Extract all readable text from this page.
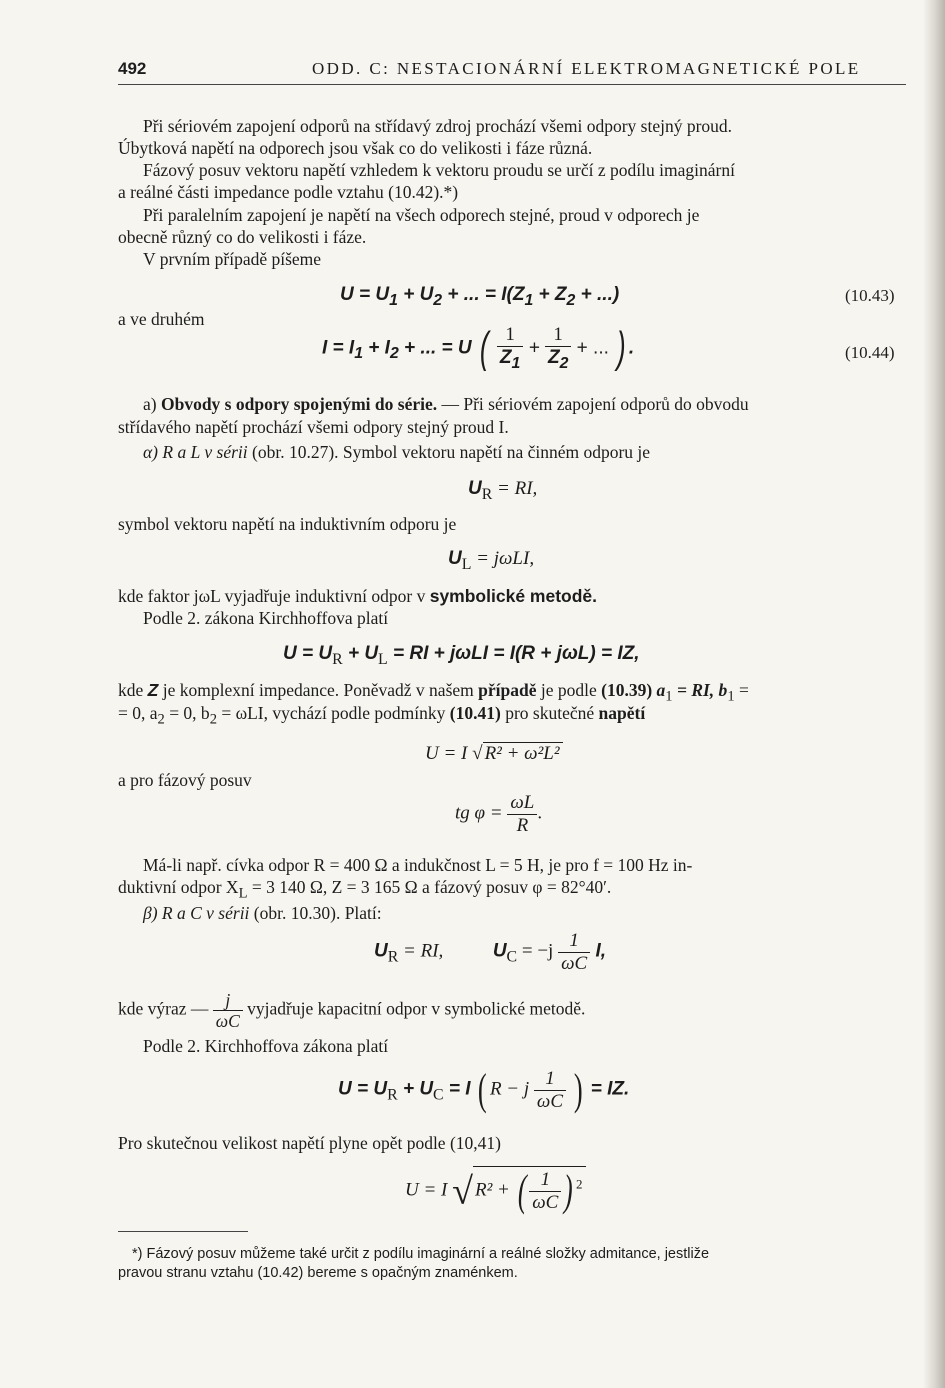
492	ODD. C: NESTACIONÁRNÍ ELEKTROMAGNETICKÉ POLE
Při sériovém zapojení odporů na střídavý zdroj prochází všemi odpory stejný proud.
Úbytková napětí na odporech jsou však co do velikosti i fáze různá.
Fázový posuv vektoru napětí vzhledem k vektoru proudu se určí z podílu imaginární
a reálné části impedance podle vztahu (10.42).*)
Při paralelním zapojení je napětí na všech odporech stejné, proud v odporech je
obecně různý co do velikosti i fáze.
V prvním případě píšeme
$U = U_1 + U_2$ + ... = $I(Z_1 + Z_2$ + ...)	(10.43)
a ve druhém
$I = I_1 + I_2$ + ... = U ( $\frac{1}{Z_1} + \frac{1}{Z_2}$ + ... ) .	(10.44)
a) Obvody s odpory spojenými do série. — Při sériovém zapojení odporů do obvodu
střídavého napětí prochází všemi odpory stejný proud I.
α) R a L v sérii (obr. 10.27). Symbol vektoru napětí na činném odporu je
$U_R$ = RI,
symbol vektoru napětí na induktivním odporu je
$U_L = j\omega LI$,
kde faktor jωL vyjadřuje induktivní odpor v symbolické metodě.
Podle 2. zákona Kirchhoffova platí
$U = U_R + U_L$ = RI + jωLI = I(R + jωL) = IZ,
kde Z je komplexní impedance. Poněvadž v našem případě je podle (10.39) $a_1$ = RI, $b_1$ =
= 0, $a_2 = 0$, $b_2 = \omega LI$, vychází podle podmínky (10.41) pro skutečné napětí
U = I √ R² + ω²L²
a pro fázový posuv
tg $\varphi = \frac{\omega L}{R}$ .
Má-li např. cívka odpor R = 400 Ω a indukčnost L = 5 H, je pro f = 100 Hz in-
duktivní odpor $X_L = 3$ 140 Ω, Z = 3 165 Ω a fázový posuv φ = 82°40′.
β) R a C v sérii (obr. 10.30). Platí:
$U_R$ = RI,	$U_C = -j \frac{1}{\omega C} I$,
kde výraz — $\frac{j}{\omega C}$ vyjadřuje kapacitní odpor v symbolické metodě.
Podle 2. Kirchhoffova zákona platí
$U = U_R + U_C = I$ ( R − j $\frac{1}{\omega C}$ ) = IZ.
Pro skutečnou velikost napětí plyne opět podle (10,41)
U = I √ R² + ( $\frac{1}{\omega C}$ ) $^2$
*) Fázový posuv můžeme také určit z podílu imaginární a reálné složky admitance, jestliže
pravou stranu vztahu (10.42) bereme s opačným znaménkem.
